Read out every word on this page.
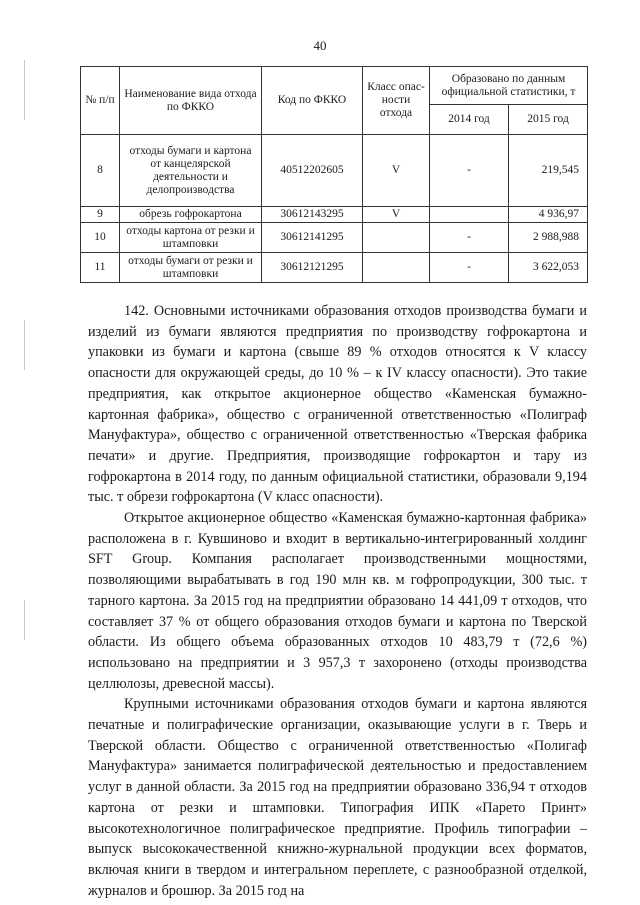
40
№ п/п	Наименование вида отхода по ФККО	Код по ФККО	Класс опас-ности отхода	Образовано по данным официальной статистики, т	
				2014 год	2015 год
8	отходы бумаги и картона от канцелярской деятельности и делопроизводства	40512202605	V	-	219,545
9	обрезь гофрокартона	30612143295	V		4 936,97
10	отходы картона от резки и штамповки	30612141295		-	2 988,988
11	отходы бумаги от резки и штамповки	30612121295		-	3 622,053

142. Основными источниками образования отходов производства бумаги и изделий из бумаги являются предприятия по производству гофрокартона и упаковки из бумаги и картона (свыше 89 % отходов относятся к V классу опасности для окружающей среды, до 10 % – к IV классу опасности). Это такие предприятия, как открытое акционерное общество «Каменская бумажно-картонная фабрика», общество с ограниченной ответственностью «Полиграф Мануфактура», общество с ограниченной ответственностью «Тверская фабрика печати» и другие. Предприятия, производящие гофрокартон и тару из гофрокартона в 2014 году, по данным официальной статистики, образовали 9,194 тыс. т обрези гофрокартона (V класс опасности).

Открытое акционерное общество «Каменская бумажно-картонная фабрика» расположена в г. Кувшиново и входит в вертикально-интегрированный холдинг SFT Group. Компания располагает производственными мощностями, позволяющими вырабатывать в год 190 млн кв. м гофропродукции, 300 тыс. т тарного картона. За 2015 год на предприятии образовано 14 441,09 т отходов, что составляет 37 % от общего образования отходов бумаги и картона по Тверской области. Из общего объема образованных отходов 10 483,79 т (72,6 %) использовано на предприятии и 3 957,3 т захоронено (отходы производства целлюлозы, древесной массы).

Крупными источниками образования отходов бумаги и картона являются печатные и полиграфические организации, оказывающие услуги в г. Тверь и Тверской области. Общество с ограниченной ответственностью «Полигаф Мануфактура» занимается полиграфической деятельностью и предоставлением услуг в данной области. За 2015 год на предприятии образовано 336,94 т отходов картона от резки и штамповки. Типография ИПК «Парето Принт» высокотехнологичное полиграфическое предприятие. Профиль типографии – выпуск высококачественной книжно-журнальной продукции всех форматов, включая книги в твердом и интегральном переплете, с разнообразной отделкой, журналов и брошюр. За 2015 год на
